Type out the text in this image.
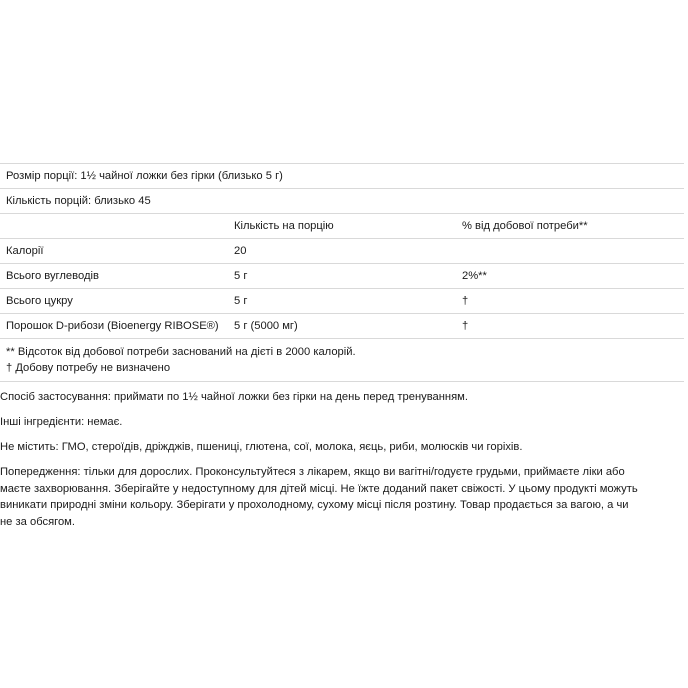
Розмір порції: 1½ чайної ложки без гірки (близько 5 г)		
Кількість порцій: близько 45		
	Кількість на порцію	% від добової потреби**
Калорії	20	
Всього вуглеводів	5 г	2%**
Всього цукру	5 г	†
Порошок D-рибози (Bioenergy RIBOSE®)	5 г (5000 мг)	†

** Відсоток від добової потреби заснований на дієті в 2000 калорій.
† Добову потребу не визначено		

Спосіб застосування: приймати по 1½ чайної ложки без гірки на день перед тренуванням.

Інші інгредієнти: немає.

Не містить: ГМО, стероїдів, дріжджів, пшениці, глютена, сої, молока, яєць, риби, молюсків чи горіхів.

Попередження: тільки для дорослих. Проконсультуйтеся з лікарем, якщо ви вагітні/годуєте грудьми, приймаєте ліки або
маєте захворювання. Зберігайте у недоступному для дітей місці. Не їжте доданий пакет свіжості. У цьому продукті можуть
виникати природні зміни кольору. Зберігати у прохолодному, сухому місці після розтину. Товар продається за вагою, а чи
не за обсягом.
